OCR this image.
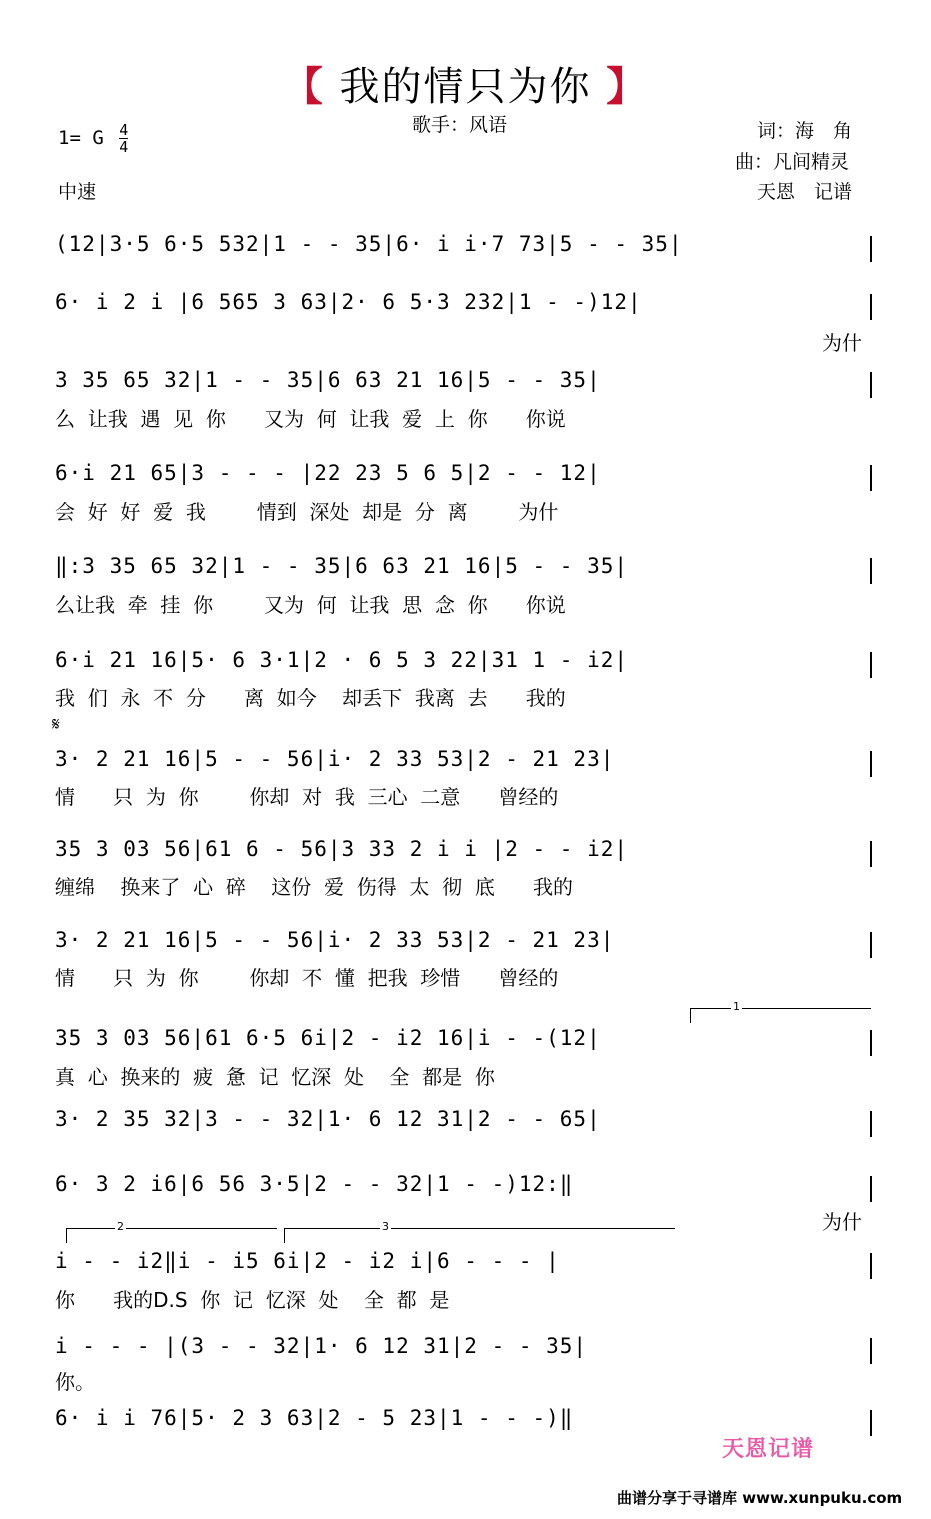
【 我的情只为你 】
歌手：风语	词：海　角
曲：凡间精灵
天恩　记谱
1= G $\frac{4}{4}$
中速
(12|3·5 6·5 532|1 - - 35|6· i i·7 73|5 - - 35|
6· i 2 i |6 565 3 63|2· 6 5·3 232|1 - -)12|
为什
3 35 65 32|1 - - 35|6 63 21 16|5 - - 35|
么  让我  遇  见  你      又为  何  让我  爱  上  你      你说
6·i 21 65|3 - - - |22 23 5 6 5|2 - - 12|
会  好  好  爱  我        情到  深处  却是  分  离        为什
‖:3 35 65 32|1 - - 35|6 63 21 16|5 - - 35|
么让我  牵  挂  你        又为  何  让我  思  念  你      你说
6·i 21 16|5· 6 3·1|2 · 6 5 3 22|31 1 - i2|
我  们  永  不  分      离  如今    却丢下  我离  去      我的
3· 2 21 16|5 - - 56|i· 2 33 53|2 - 21 23|
情      只  为  你        你却  对  我  三心  二意      曾经的
35 3 03 56|61 6 - 56|3 33 2 i i |2 - - i2|
缠绵    换来了  心  碎    这份  爱  伤得  太  彻  底      我的
3· 2 21 16|5 - - 56|i· 2 33 53|2 - 21 23|
情      只  为  你        你却  不  懂  把我  珍惜      曾经的
35 3 03 56|61 6·5 6i|2 - i2 16|i - -(12|
真  心  换来的  疲  惫  记  忆深  处    全  都是  你
3· 2 35 32|3 - - 32|1· 6 12 31|2 - - 65|
6· 3 2 i6|6 56 3·5|2 - - 32|1 - -)12:‖
为什
i - - i2‖i - i5 6i|2 - i2 i|6 - - - |
你      我的D.S  你  记  忆深  处    全  都  是
i - - - |(3 - - 32|1· 6 12 31|2 - - 35|
你。
6· i i 76|5· 2 3 63|2 - 5 23|1 - - -)‖
𝄋
1
2	3
天恩记谱
曲谱分享于寻谱库 www.xunpuku.com
